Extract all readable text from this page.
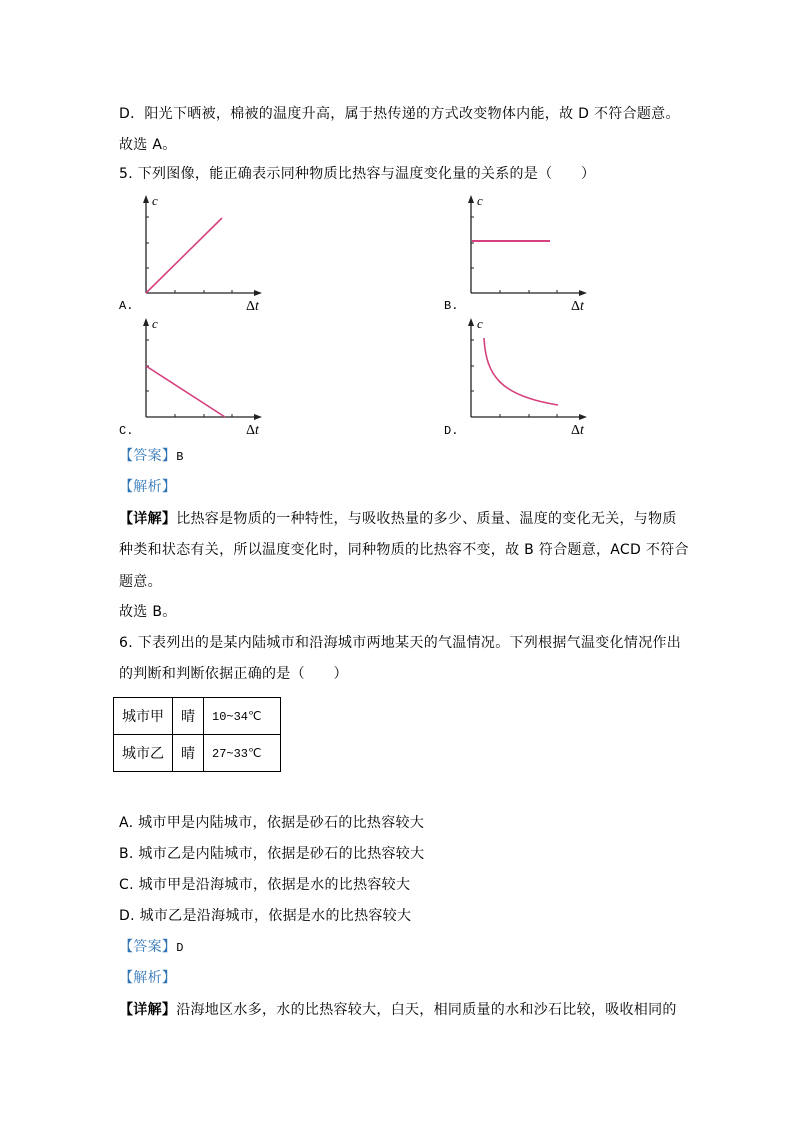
D．阳光下晒被，棉被的温度升高，属于热传递的方式改变物体内能，故 D 不符合题意。
故选 A。
5. 下列图像，能正确表示同种物质比热容与温度变化量的关系的是（　　）
c
Δt
A.
c
Δt
B.
c
Δt
C.
c
Δt
D.
【答案】B
【解析】
【详解】比热容是物质的一种特性，与吸收热量的多少、质量、温度的变化无关，与物质
种类和状态有关，所以温度变化时，同种物质的比热容不变，故 B 符合题意，ACD 不符合
题意。
故选 B。
6. 下表列出的是某内陆城市和沿海城市两地某天的气温情况。下列根据气温变化情况作出
的判断和判断依据正确的是（　　）
城市甲	晴	10~34℃
城市乙	晴	27~33℃
A. 城市甲是内陆城市，依据是砂石的比热容较大
B. 城市乙是内陆城市，依据是砂石的比热容较大
C. 城市甲是沿海城市，依据是水的比热容较大
D. 城市乙是沿海城市，依据是水的比热容较大
【答案】D
【解析】
【详解】沿海地区水多，水的比热容较大，白天，相同质量的水和沙石比较，吸收相同的
